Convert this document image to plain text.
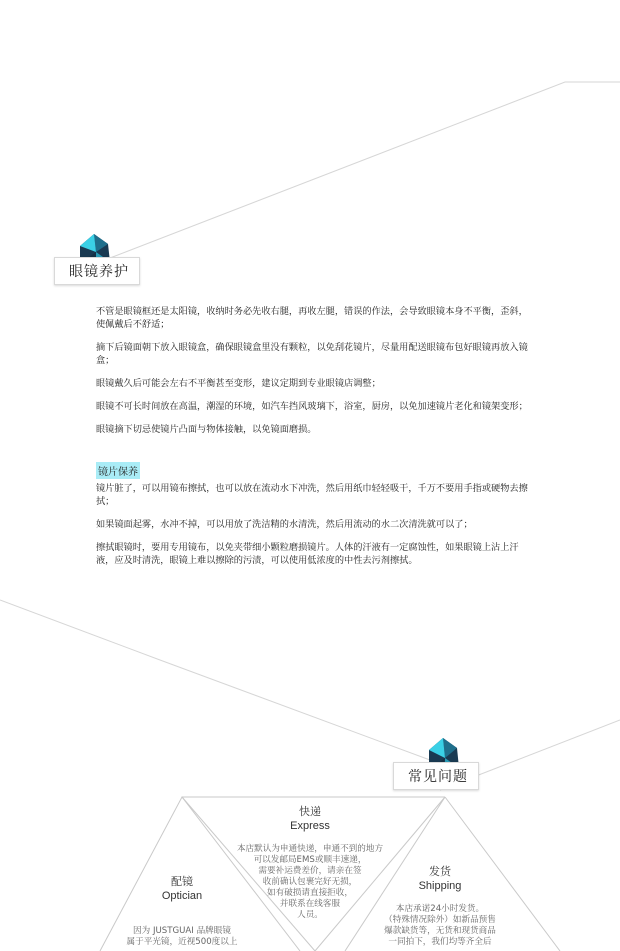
眼镜养护

不管是眼镜框还是太阳镜，收纳时务必先收右腿，再收左腿，错误的作法，会导致眼镜本身不平衡，歪斜，使佩戴后不舒适；

摘下后镜面朝下放入眼镜盒，确保眼镜盒里没有颗粒，以免刮花镜片，尽量用配送眼镜布包好眼镜再放入镜盒；

眼镜戴久后可能会左右不平衡甚至变形，建议定期到专业眼镜店调整；

眼镜不可长时间放在高温，潮湿的环境，如汽车挡风玻璃下，浴室，厨房，以免加速镜片老化和镜架变形；

眼镜摘下切忌使镜片凸面与物体接触，以免镜面磨损。

镜片保养

镜片脏了，可以用镜布擦拭，也可以放在流动水下冲洗，然后用纸巾轻轻吸干，千万不要用手指或硬物去擦拭；

如果镜面起雾，水冲不掉，可以用放了洗洁精的水清洗，然后用流动的水二次清洗就可以了；

擦拭眼镜时，要用专用镜布，以免夹带细小颗粒磨损镜片。人体的汗液有一定腐蚀性，如果眼镜上沾上汗液，应及时清洗，眼镜上难以擦除的污渍，可以使用低浓度的中性去污剂擦拭。

常见问题
快递
Express
本店默认为申通快递，申通不到的地方
可以发邮局EMS或顺丰速递，
需要补运费差价，请亲在签
收前确认包裹完好无损，
如有破损请直接拒收，
并联系在线客服
人员。
配镜
Optician
因为 JUSTGUAI 品牌眼镜
属于平光镜，近视500度以上
发货
Shipping
本店承诺24小时发货。
（特殊情况除外）如新品预售
爆款缺货等，无货和现货商品
一同拍下，我们均等齐全后
